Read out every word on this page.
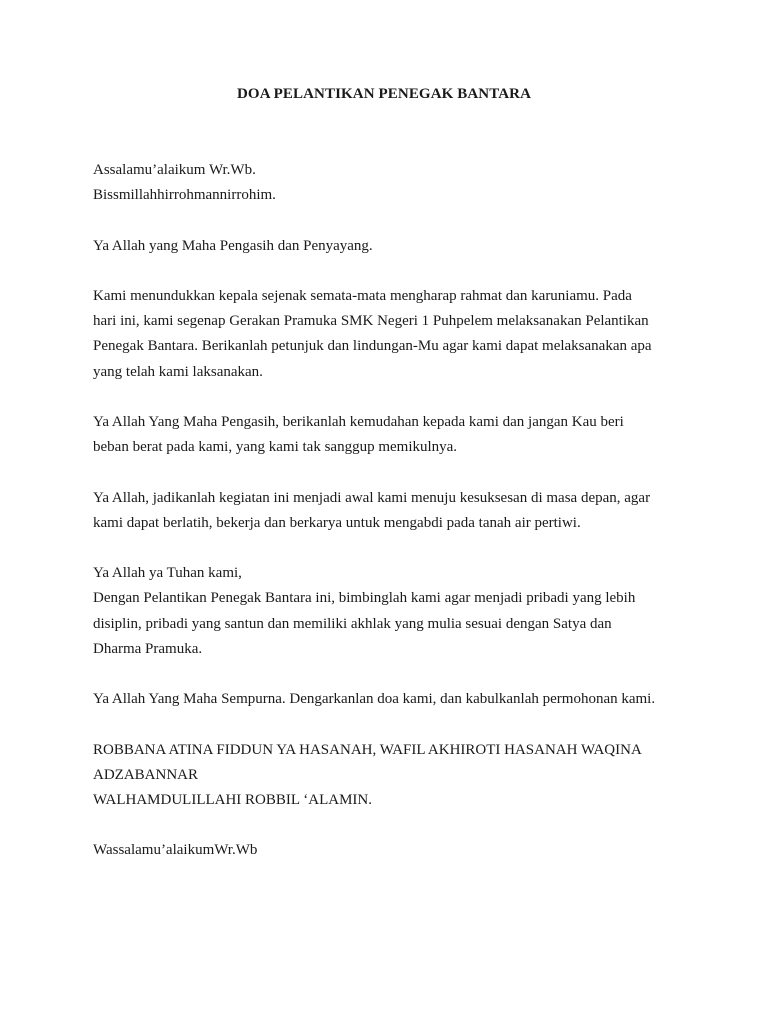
DOA PELANTIKAN PENEGAK BANTARA

Assalamu’alaikum Wr.Wb.
Bissmillahhirrohmannirrohim.

Ya Allah yang Maha Pengasih dan Penyayang.

Kami menundukkan kepala sejenak semata-mata mengharap rahmat dan karuniamu. Pada
hari ini, kami segenap Gerakan Pramuka SMK Negeri 1 Puhpelem melaksanakan Pelantikan
Penegak Bantara. Berikanlah petunjuk dan lindungan-Mu agar kami dapat melaksanakan apa
yang telah kami laksanakan.

Ya Allah Yang Maha Pengasih, berikanlah kemudahan kepada kami dan jangan Kau beri
beban berat pada kami, yang kami tak sanggup memikulnya.

Ya Allah, jadikanlah kegiatan ini menjadi awal kami menuju kesuksesan di masa depan, agar
kami dapat berlatih, bekerja dan berkarya untuk mengabdi pada tanah air pertiwi.

Ya Allah ya Tuhan kami,
Dengan Pelantikan Penegak Bantara ini, bimbinglah kami agar menjadi pribadi yang lebih
disiplin, pribadi yang santun dan memiliki akhlak yang mulia sesuai dengan Satya dan
Dharma Pramuka.

Ya Allah Yang Maha Sempurna. Dengarkanlan doa kami, dan kabulkanlah permohonan kami.

ROBBANA ATINA FIDDUN YA HASANAH, WAFIL AKHIROTI HASANAH WAQINA
ADZABANNAR
WALHAMDULILLAHI ROBBIL ‘ALAMIN.

Wassalamu’alaikumWr.Wb
